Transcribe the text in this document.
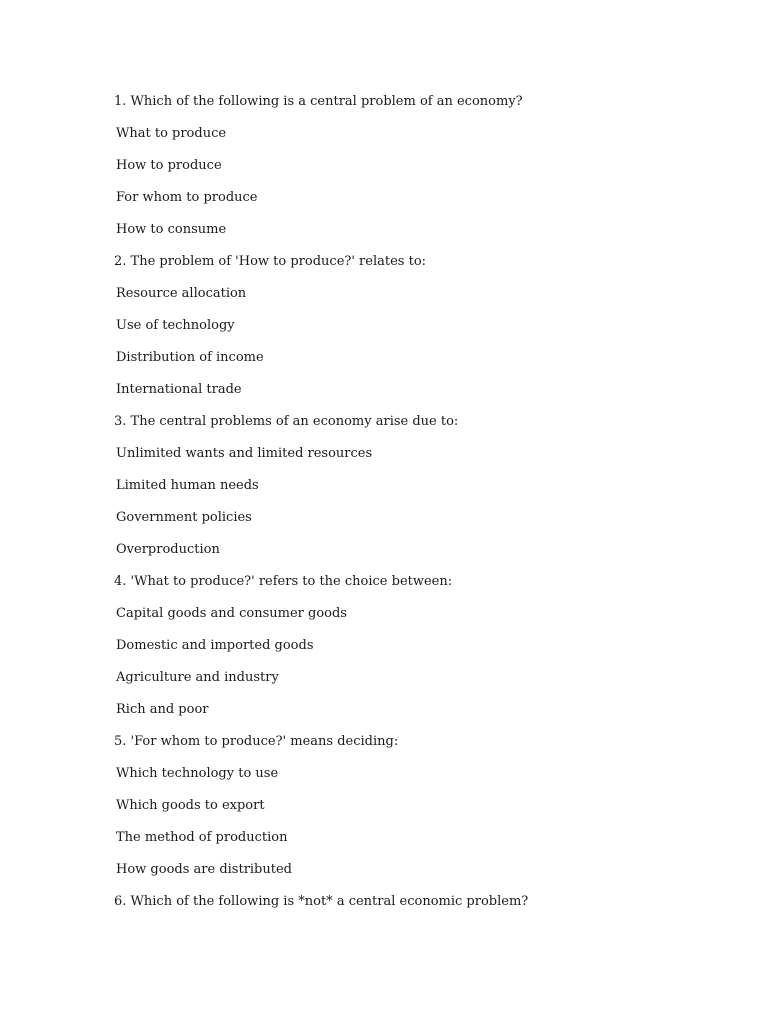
1. Which of the following is a central problem of an economy?
What to produce
How to produce
For whom to produce
How to consume
2. The problem of 'How to produce?' relates to:
Resource allocation
Use of technology
Distribution of income
International trade
3. The central problems of an economy arise due to:
Unlimited wants and limited resources
Limited human needs
Government policies
Overproduction
4. 'What to produce?' refers to the choice between:
Capital goods and consumer goods
Domestic and imported goods
Agriculture and industry
Rich and poor
5. 'For whom to produce?' means deciding:
Which technology to use
Which goods to export
The method of production
How goods are distributed
6. Which of the following is *not* a central economic problem?
